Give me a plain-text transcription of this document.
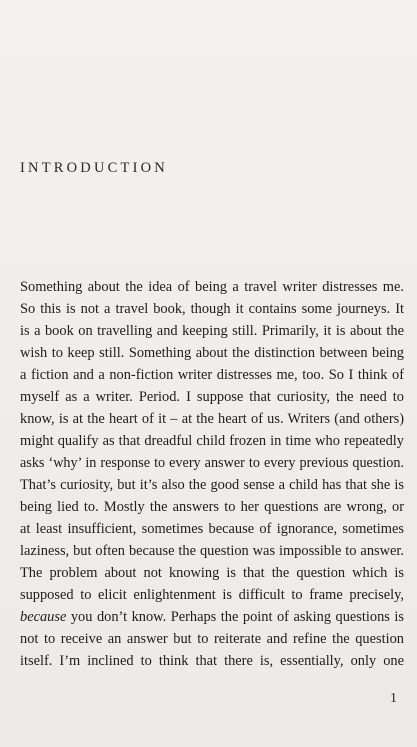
INTRODUCTION
Something about the idea of being a travel writer distresses me.
So this is not a travel book, though it contains some journeys. It
is a book on travelling and keeping still. Primarily, it is about the
wish to keep still. Something about the distinction between being
a fiction and a non-fiction writer distresses me, too. So I think of
myself as a writer. Period. I suppose that curiosity, the need to
know, is at the heart of it – at the heart of us. Writers (and others)
might qualify as that dreadful child frozen in time who repeatedly
asks ‘why’ in response to every answer to every previous question.
That’s curiosity, but it’s also the good sense a child has that she is
being lied to. Mostly the answers to her questions are wrong, or
at least insufficient, sometimes because of ignorance, sometimes
laziness, but often because the question was impossible to answer.
The problem about not knowing is that the question which is
supposed to elicit enlightenment is difficult to frame precisely,
because you don’t know. Perhaps the point of asking questions is
not to receive an answer but to reiterate and refine the question
itself. I’m inclined to think that there is, essentially, only one
1
